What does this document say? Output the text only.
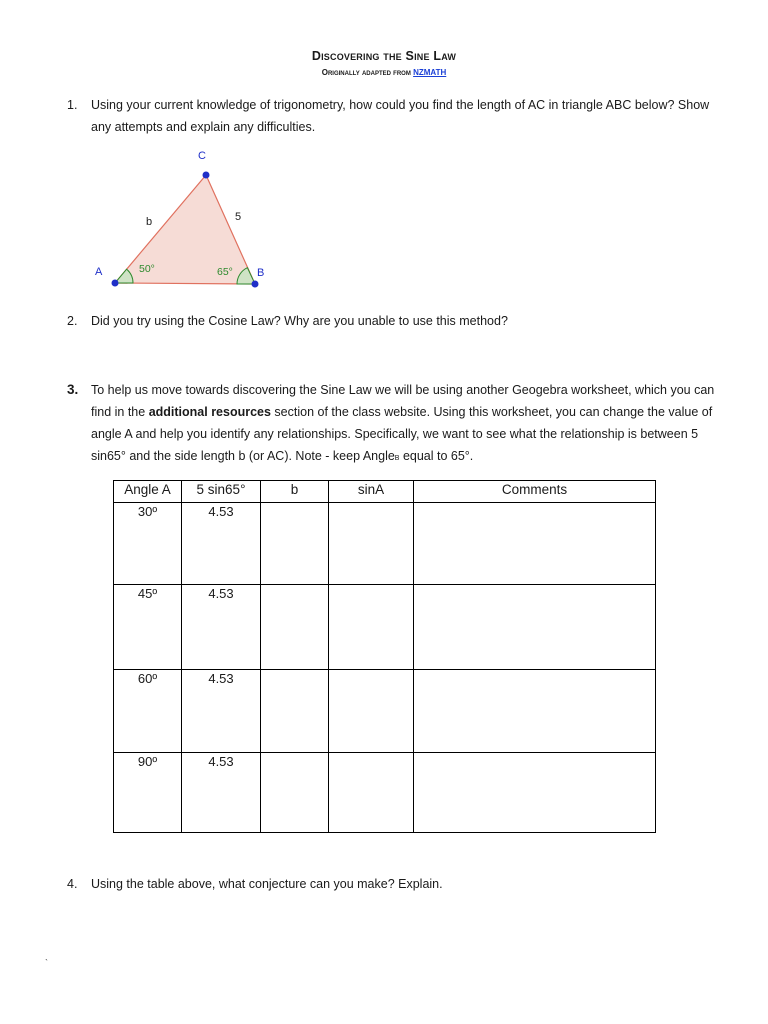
Discovering the Sine Law
Originally adapted from NZMATH
1. Using your current knowledge of trigonometry, how could you find the length of AC in triangle ABC below? Show any attempts and explain any difficulties.
C
A	B
b	5
50°	65°
2. Did you try using the Cosine Law? Why are you unable to use this method?
3. To help us move towards discovering the Sine Law we will be using another Geogebra worksheet, which you can find in the additional resources section of the class website. Using this worksheet, you can change the value of angle A and help you identify any relationships. Specifically, we want to see what the relationship is between 5 sin65° and the side length b (or AC). Note - keep AngleB equal to 65°.
Angle A	5 sin65°	b	sinA	Comments
30º	4.53			
45º	4.53			
60º	4.53			
90º	4.53			
4. Using the table above, what conjecture can you make? Explain.
`
